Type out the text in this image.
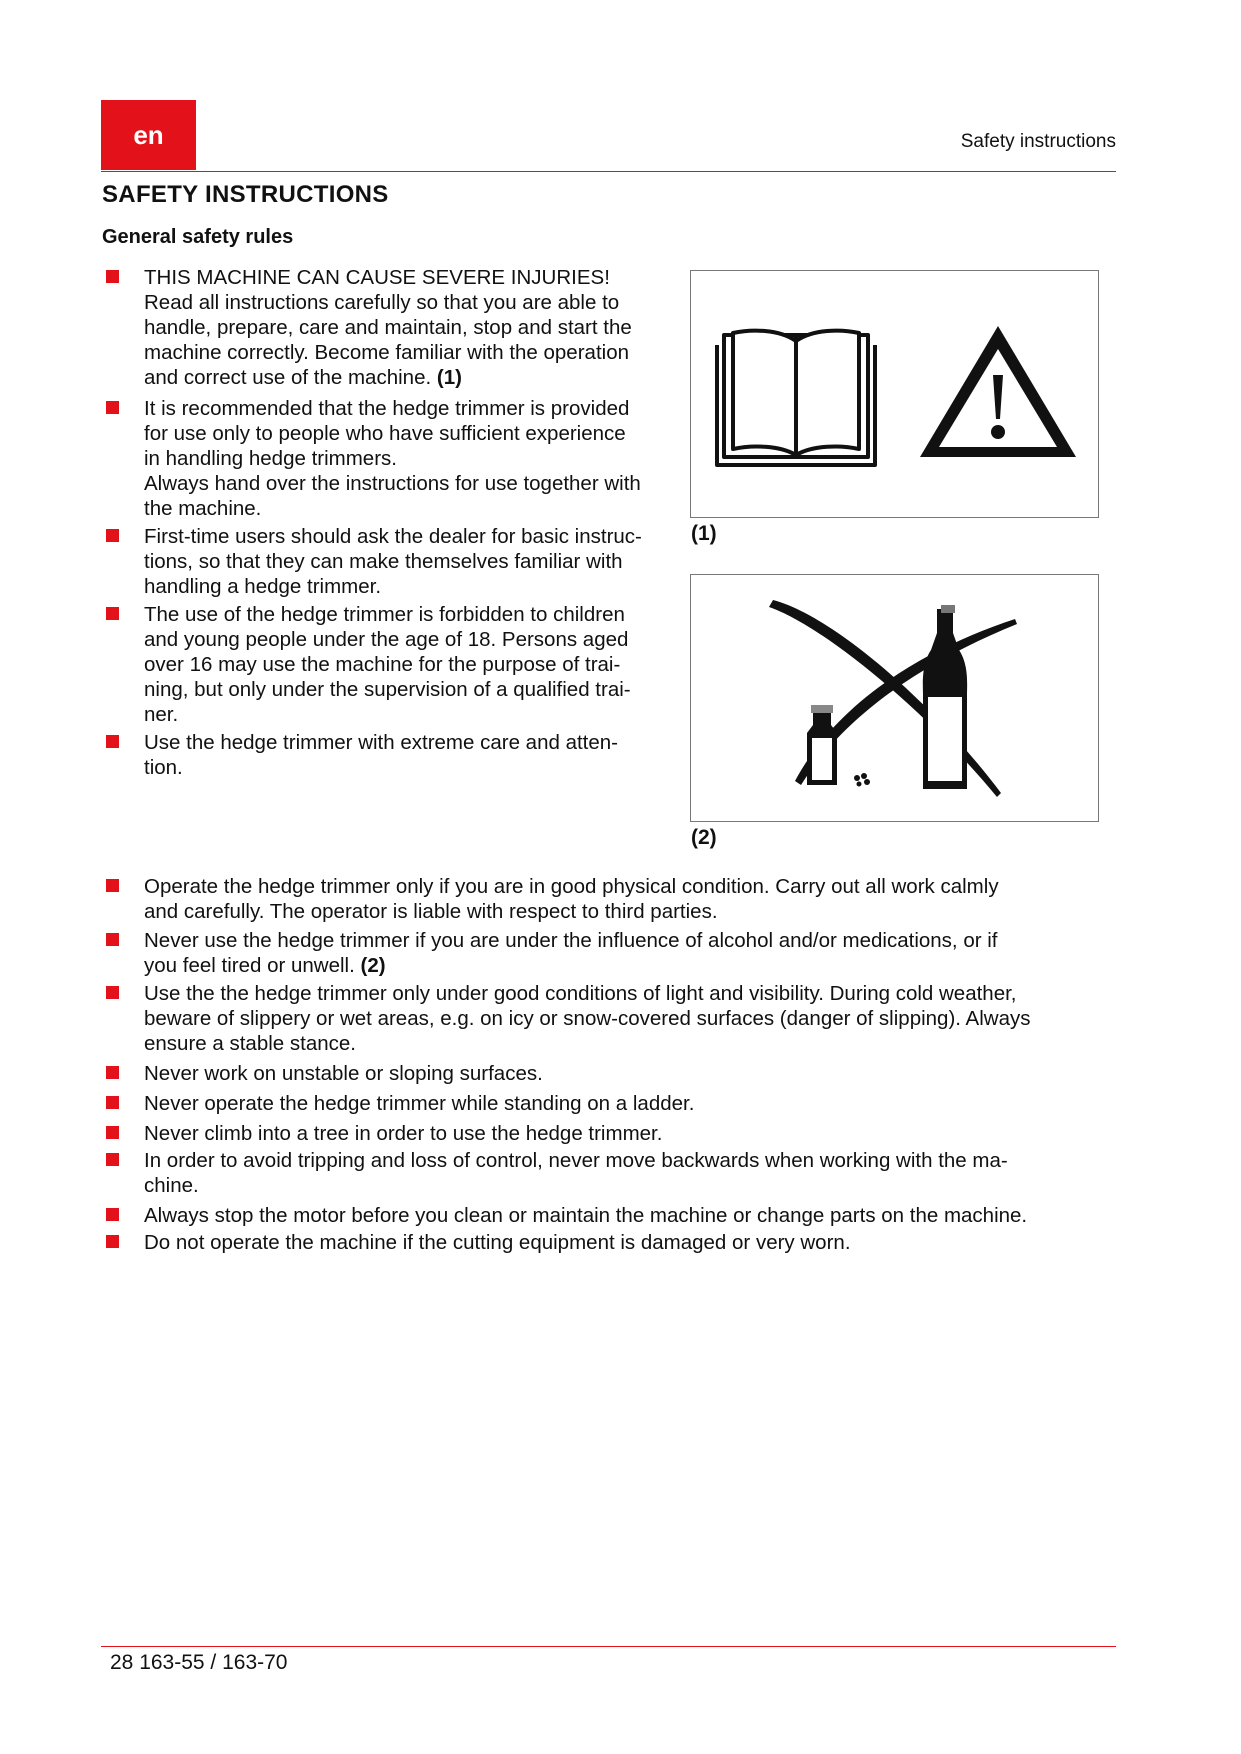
en	Safety instructions
SAFETY INSTRUCTIONS
General safety rules
THIS MACHINE CAN CAUSE SEVERE INJURIES!
Read all instructions carefully so that you are able to
handle, prepare, care and maintain, stop and start the
machine correctly. Become familiar with the operation
and correct use of the machine. (1)
It is recommended that the hedge trimmer is provided
for use only to people who have sufficient experience
in handling hedge trimmers.
Always hand over the instructions for use together with
the machine.
First-time users should ask the dealer for basic instruc-
tions, so that they can make themselves familiar with
handling a hedge trimmer.
The use of the hedge trimmer is forbidden to children
and young people under the age of 18. Persons aged
over 16 may use the machine for the purpose of trai-
ning, but only under the supervision of a qualified trai-
ner.
Use the hedge trimmer with extreme care and atten-
tion.
(1)
(2)
Operate the hedge trimmer only if you are in good physical condition. Carry out all work calmly
and carefully. The operator is liable with respect to third parties.
Never use the hedge trimmer if you are under the influence of alcohol and/or medications, or if
you feel tired or unwell. (2)
Use the the hedge trimmer only under good conditions of light and visibility. During cold weather,
beware of slippery or wet areas, e.g. on icy or snow-covered surfaces (danger of slipping). Always
ensure a stable stance.
Never work on unstable or sloping surfaces.
Never operate the hedge trimmer while standing on a ladder.
Never climb into a tree in order to use the hedge trimmer.
In order to avoid tripping and loss of control, never move backwards when working with the ma-
chine.
Always stop the motor before you clean or maintain the machine or change parts on the machine.
Do not operate the machine if the cutting equipment is damaged or very worn.
28 163-55 / 163-70
